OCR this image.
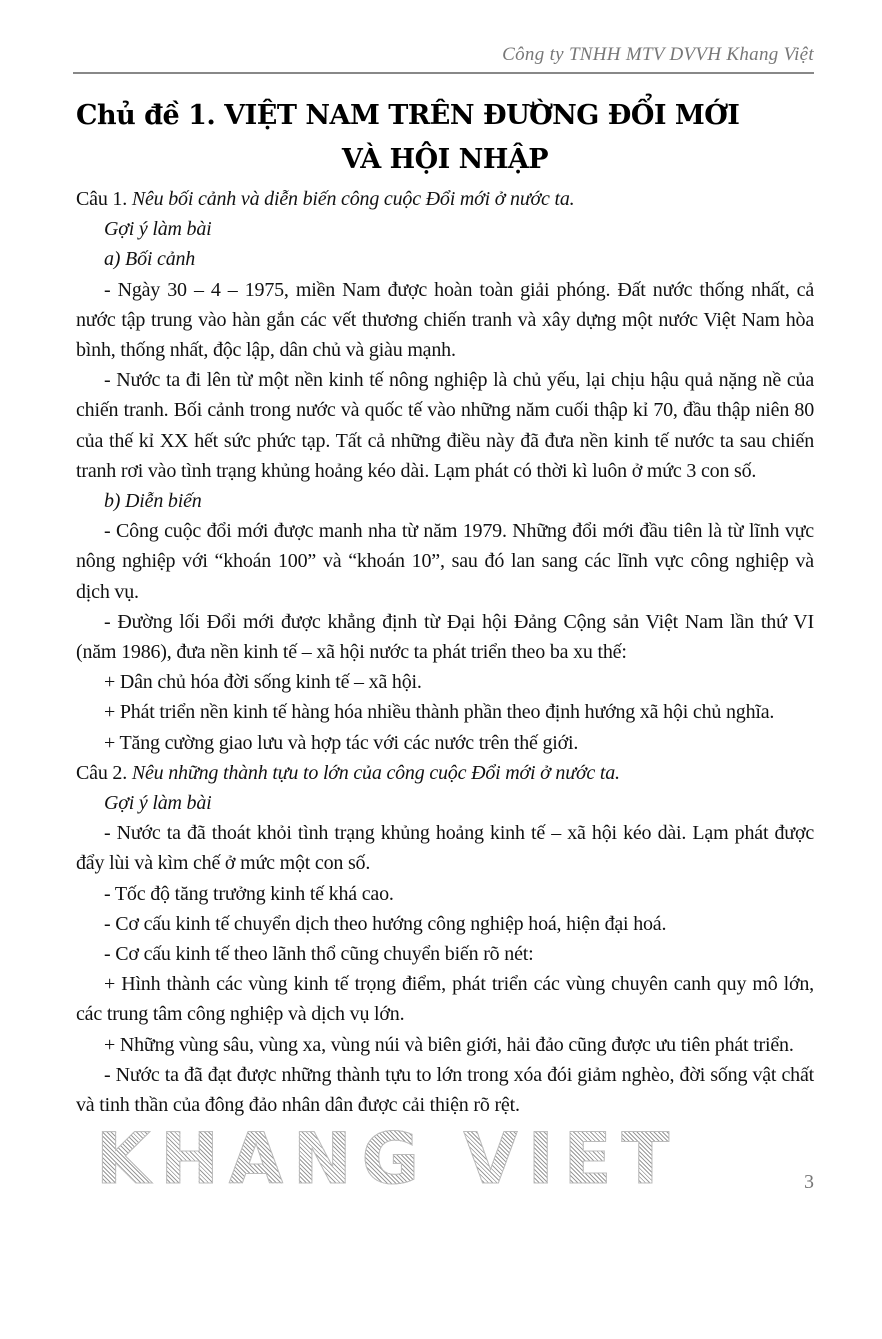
Công ty TNHH MTV DVVH Khang Việt
Chủ đề 1. VIỆT NAM TRÊN ĐƯỜNG ĐỔI MỚI
VÀ HỘI NHẬP

Câu 1. Nêu bối cảnh và diễn biến công cuộc Đổi mới ở nước ta.

Gợi ý làm bài

a) Bối cảnh

- Ngày 30 – 4 – 1975, miền Nam được hoàn toàn giải phóng. Đất nước thống nhất, cả nước tập trung vào hàn gắn các vết thương chiến tranh và xây dựng một nước Việt Nam hòa bình, thống nhất, độc lập, dân chủ và giàu mạnh.

- Nước ta đi lên từ một nền kinh tế nông nghiệp là chủ yếu, lại chịu hậu quả nặng nề của chiến tranh. Bối cảnh trong nước và quốc tế vào những năm cuối thập kỉ 70, đầu thập niên 80 của thế kỉ XX hết sức phức tạp. Tất cả những điều này đã đưa nền kinh tế nước ta sau chiến tranh rơi vào tình trạng khủng hoảng kéo dài. Lạm phát có thời kì luôn ở mức 3 con số.

b) Diễn biến

- Công cuộc đổi mới được manh nha từ năm 1979. Những đổi mới đầu tiên là từ lĩnh vực nông nghiệp với “khoán 100” và “khoán 10”, sau đó lan sang các lĩnh vực công nghiệp và dịch vụ.

- Đường lối Đổi mới được khẳng định từ Đại hội Đảng Cộng sản Việt Nam lần thứ VI (năm 1986), đưa nền kinh tế – xã hội nước ta phát triển theo ba xu thế:

+ Dân chủ hóa đời sống kinh tế – xã hội.

+ Phát triển nền kinh tế hàng hóa nhiều thành phần theo định hướng xã hội chủ nghĩa.

+ Tăng cường giao lưu và hợp tác với các nước trên thế giới.

Câu 2. Nêu những thành tựu to lớn của công cuộc Đổi mới ở nước ta.

Gợi ý làm bài

- Nước ta đã thoát khỏi tình trạng khủng hoảng kinh tế – xã hội kéo dài. Lạm phát được đẩy lùi và kìm chế ở mức một con số.

- Tốc độ tăng trưởng kinh tế khá cao.

- Cơ cấu kinh tế chuyển dịch theo hướng công nghiệp hoá, hiện đại hoá.

- Cơ cấu kinh tế theo lãnh thổ cũng chuyển biến rõ nét:

+ Hình thành các vùng kinh tế trọng điểm, phát triển các vùng chuyên canh quy mô lớn, các trung tâm công nghiệp và dịch vụ lớn.

+ Những vùng sâu, vùng xa, vùng núi và biên giới, hải đảo cũng được ưu tiên phát triển.

- Nước ta đã đạt được những thành tựu to lớn trong xóa đói giảm nghèo, đời sống vật chất và tinh thần của đông đảo nhân dân được cải thiện rõ rệt.

KHANG VIET	3
